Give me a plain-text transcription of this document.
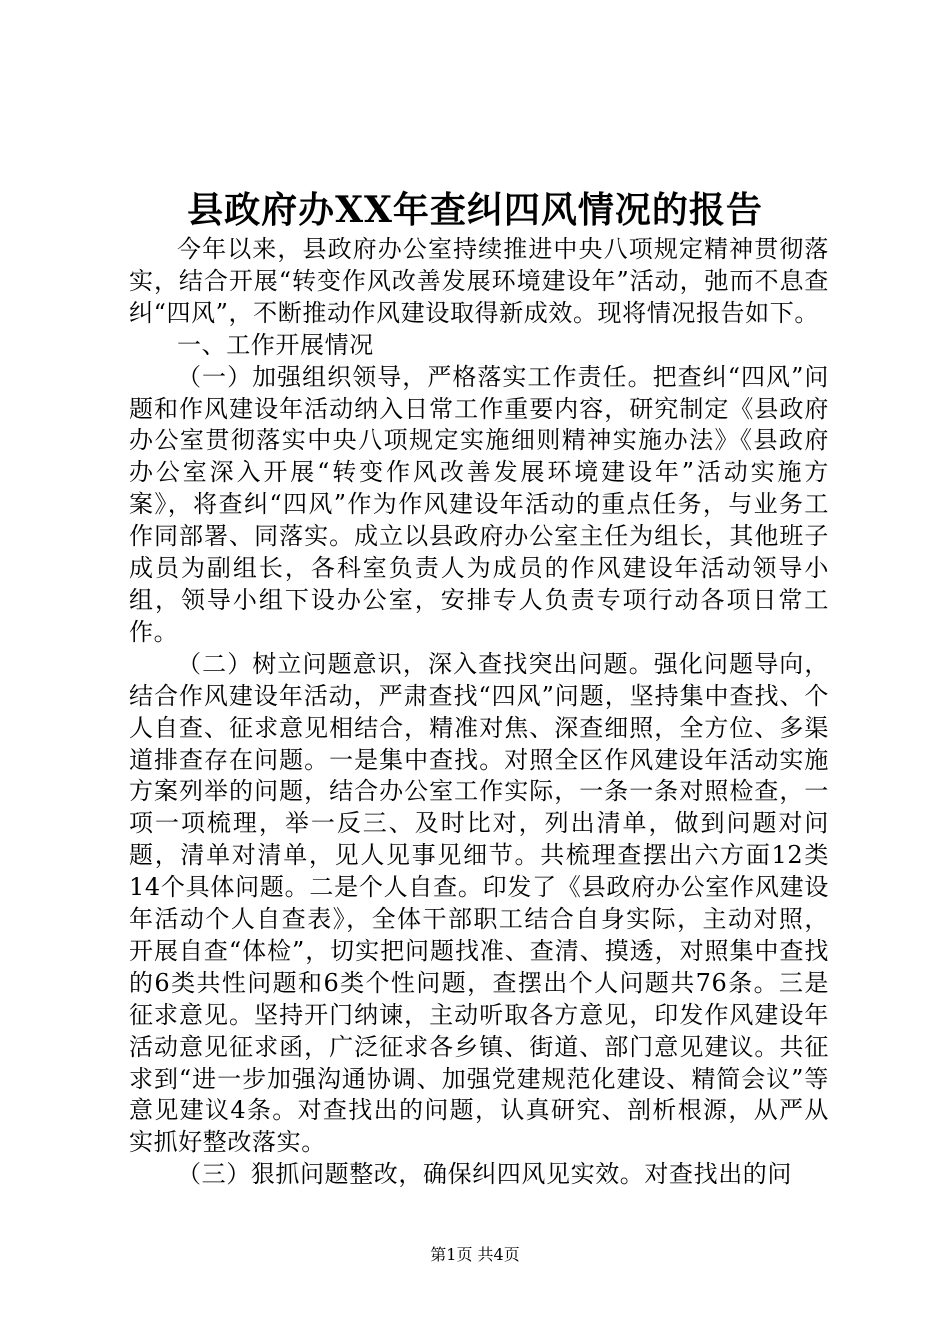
县政府办XX年查纠四风情况的报告

今年以来，县政府办公室持续推进中央八项规定精神贯彻落实，结合开展“转变作风改善发展环境建设年”活动，弛而不息查纠“四风”，不断推动作风建设取得新成效。现将情况报告如下。

一、工作开展情况

（一）加强组织领导，严格落实工作责任。把查纠“四风”问题和作风建设年活动纳入日常工作重要内容，研究制定《县政府办公室贯彻落实中央八项规定实施细则精神实施办法》《县政府办公室深入开展“转变作风改善发展环境建设年”活动实施方案》，将查纠“四风”作为作风建设年活动的重点任务，与业务工作同部署、同落实。成立以县政府办公室主任为组长，其他班子成员为副组长，各科室负责人为成员的作风建设年活动领导小组，领导小组下设办公室，安排专人负责专项行动各项日常工作。

（二）树立问题意识，深入查找突出问题。强化问题导向，结合作风建设年活动，严肃查找“四风”问题，坚持集中查找、个人自查、征求意见相结合，精准对焦、深查细照，全方位、多渠道排查存在问题。一是集中查找。对照全区作风建设年活动实施方案列举的问题，结合办公室工作实际，一条一条对照检查，一项一项梳理，举一反三、及时比对，列出清单，做到问题对问题，清单对清单，见人见事见细节。共梳理查摆出六方面12类14个具体问题。二是个人自查。印发了《县政府办公室作风建设年活动个人自查表》，全体干部职工结合自身实际，主动对照，开展自查“体检”，切实把问题找准、查清、摸透，对照集中查找的6类共性问题和6类个性问题，查摆出个人问题共76条。三是征求意见。坚持开门纳谏，主动听取各方意见，印发作风建设年活动意见征求函，广泛征求各乡镇、街道、部门意见建议。共征求到“进一步加强沟通协调、加强党建规范化建设、精简会议”等意见建议4条。对查找出的问题，认真研究、剖析根源，从严从实抓好整改落实。

（三）狠抓问题整改，确保纠四风见实效。对查找出的问

第1页 共4页
